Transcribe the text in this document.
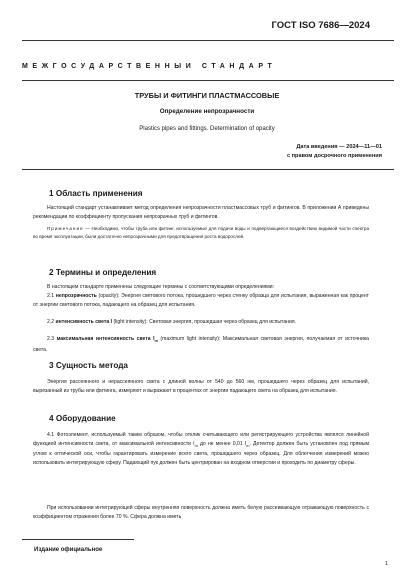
ГОСТ ISO 7686—2024
МЕЖГОСУДАРСТВЕННЫЙ СТАНДАРТ
ТРУБЫ И ФИТИНГИ ПЛАСТМАССОВЫЕ
Определение непрозрачности
Plastics pipes and fittings. Determination of opacity
Дата введения — 2024—11—01
с правом досрочного применения
1 Область применения

Настоящий стандарт устанавливает метод определения непрозрачности пластмассовых труб и фитингов. В приложении А приведены рекомендации по коэффициенту пропускания непрозрачных труб и фитингов.

Примечание — Необходимо, чтобы труба или фитинг, используемые для подачи воды и подвергающиеся воздействию видимой части спектра во время эксплуатации, были достаточно непрозрачными для предотвращения роста водорослей.

2 Термины и определения

В настоящем стандарте применены следующие термины с соответствующими определениями:

2.1 непрозрачность (opacity): Энергия светового потока, прошедшего через стенку образца для испытания, выраженная как процент от энергии светового потока, падающего на образец для испытания.

2.2 интенсивность света I (light intensity): Световая энергия, прошедшая через образец для испытания.

2.3 максимальная интенсивность света $I_m$ (maximum light intensity): Максимальная световая энергия, получаемая от источника света.

3 Сущность метода

Энергия рассеянного и нерассеянного света с длиной волны от 540 до 560 нм, прошедшего через образец для испытаний, вырезанный из трубы или фитинга, измеряют и выражают в процентах от энергии падающего света на образец для испытания.

4 Оборудование

4.1 Фотоэлемент, используемый таким образом, чтобы отклик считывающего или регистрирующего устройства являлся линейной функцией интенсивности света, от максимальной интенсивности $I_m$ до не менее 0,01 $I_m$. Детектор должен быть установлен под прямым углом к оптической оси, чтобы гарантировать измерение всего света, прошедшего через образец. Для облегчения измерений можно использовать интегрирующую сферу. Падающий пук должен быть центрирован на входном отверстии и проходить по диаметру сферы.

При использовании интегрирующей сферы внутренняя поверхность должна иметь белую рассеивающую отражающую поверхность с коэффициентом отражения более 70 %. Сфера должна иметь

Издание официальное
1
